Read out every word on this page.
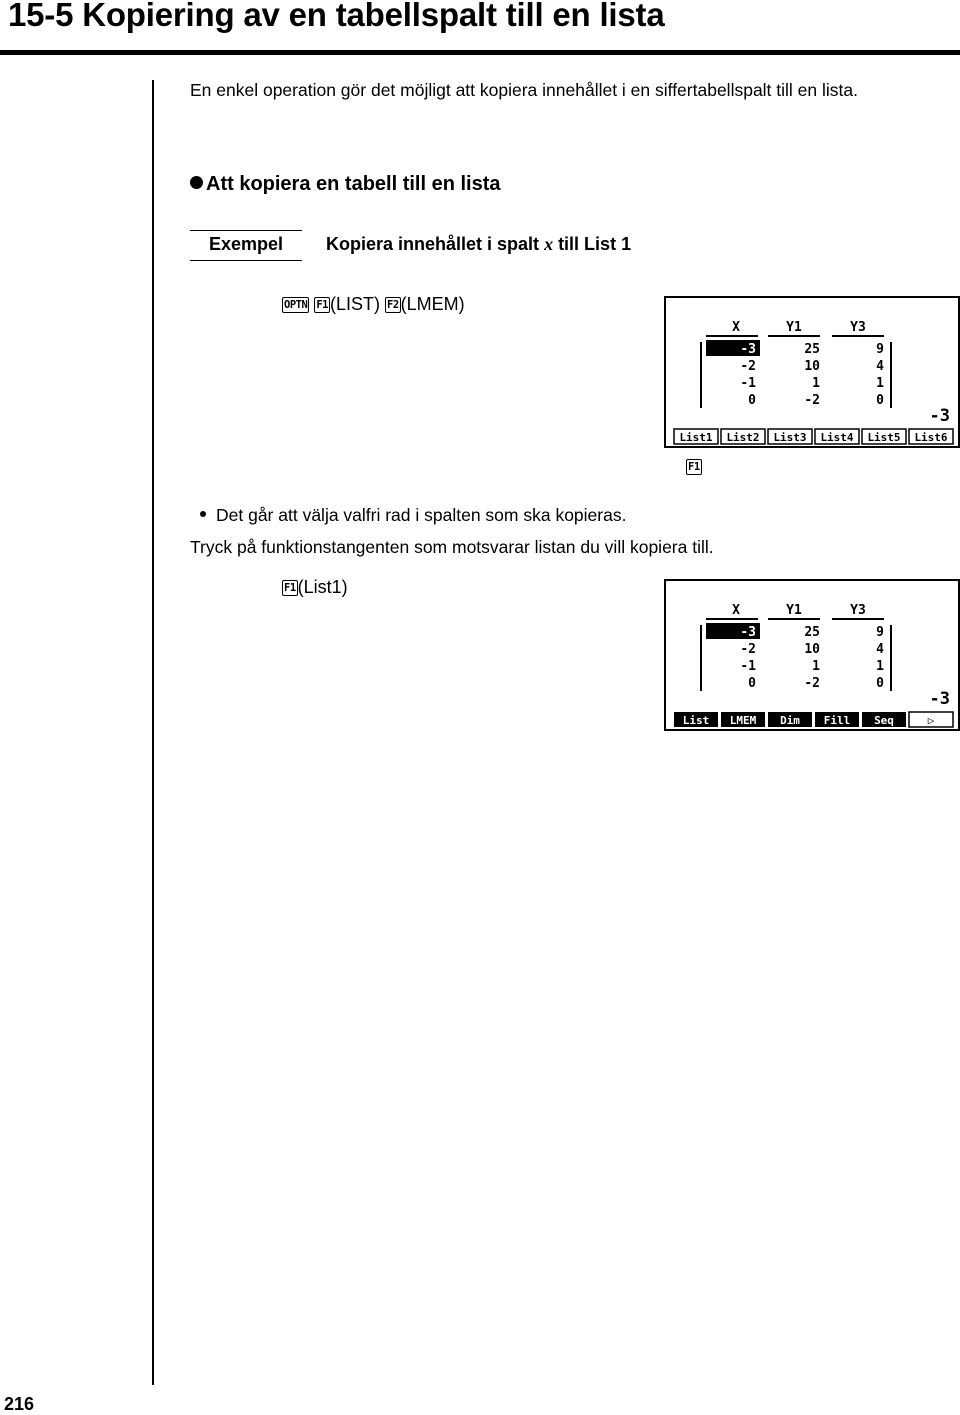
15-5 Kopiering av en tabellspalt till en lista
En enkel operation gör det möjligt att kopiera innehållet i en siffertabellspalt till en lista.
Att kopiera en tabell till en lista
Exempel	Kopiera innehållet i spalt x till List 1
OPTN F1 (LIST) F2 (LMEM)
X	Y1	Y3
-3	25	9
-2	10	4
-1	1	1
0	-2	0
-3
List1 List2 List3 List4 List5 List6
F1
Det går att välja valfri rad i spalten som ska kopieras.
Tryck på funktionstangenten som motsvarar listan du vill kopiera till.
F1 (List1)
X	Y1	Y3
-3	25	9
-2	10	4
-1	1	1
0	-2	0
-3
List LMEM Dim Fill Seq	▷
216
